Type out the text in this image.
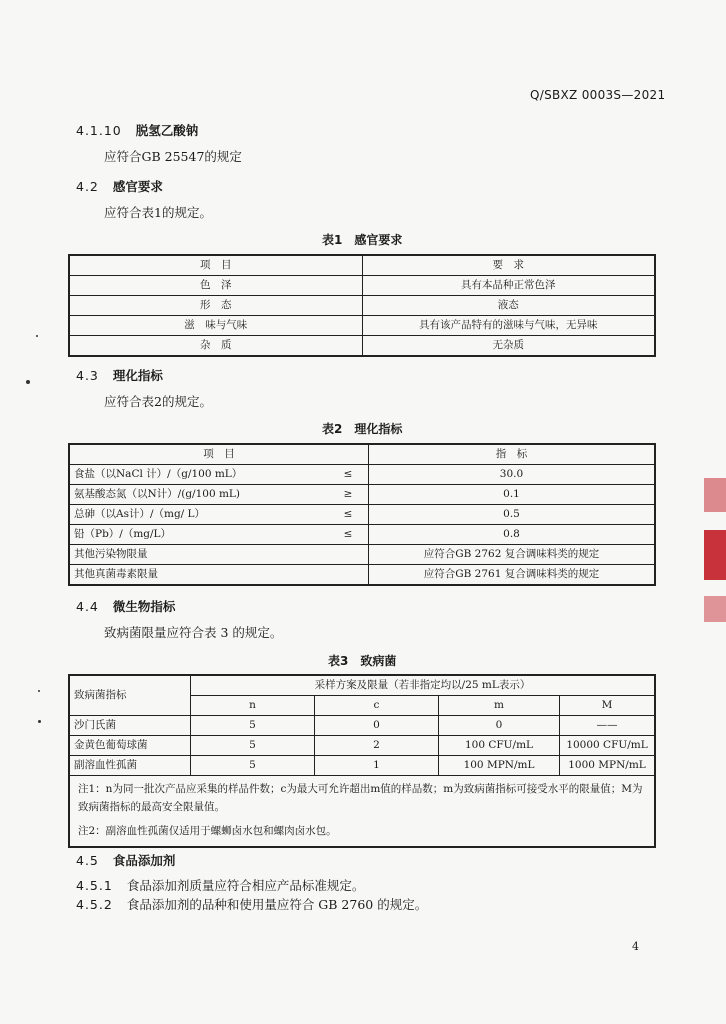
Q/SBXZ 0003S—2021
4.1.10 脱氢乙酸钠
应符合GB 25547的规定
4.2 感官要求
应符合表1的规定。
表1　感官要求
项　目	要　求
色　泽	具有本品种正常色泽
形　态	液态
滋　味与气味	具有该产品特有的滋味与气味，无异味
杂　质	无杂质
4.3 理化指标
应符合表2的规定。
表2　理化指标
项　目		指　标
食盐（以NaCl 计）/（g/100 mL）	≤	30.0
氨基酸态氮（以N计）/(g/100 mL)	≥	0.1
总砷（以As计）/（mg/ L）	≤	0.5
铅（Pb）/（mg/L）	≤	0.8
其他污染物限量		应符合GB 2762 复合调味料类的规定
其他真菌毒素限量		应符合GB 2761 复合调味料类的规定
4.4 微生物指标
致病菌限量应符合表 3 的规定。
表3　致病菌
致病菌指标	采样方案及限量（若非指定均以/25 mL表示）			
	n	c	m	M
沙门氏菌	5	0	0	——
金黄色葡萄球菌	5	2	100 CFU/mL	10000 CFU/mL
副溶血性孤菌	5	1	100 MPN/mL	1000 MPN/mL
注1：n为同一批次产品应采集的样品件数；c为最大可允许超出m值的样品数；m为致病菌指标可接受水平的限量值；M为致病菌指标的最高安全限量值。				
注2：副溶血性孤菌仅适用于螺蛳卤水包和螺肉卤水包。				
4.5 食品添加剂
4.5.1 食品添加剂质量应符合相应产品标准规定。
4.5.2 食品添加剂的品种和使用量应符合 GB 2760 的规定。
4
